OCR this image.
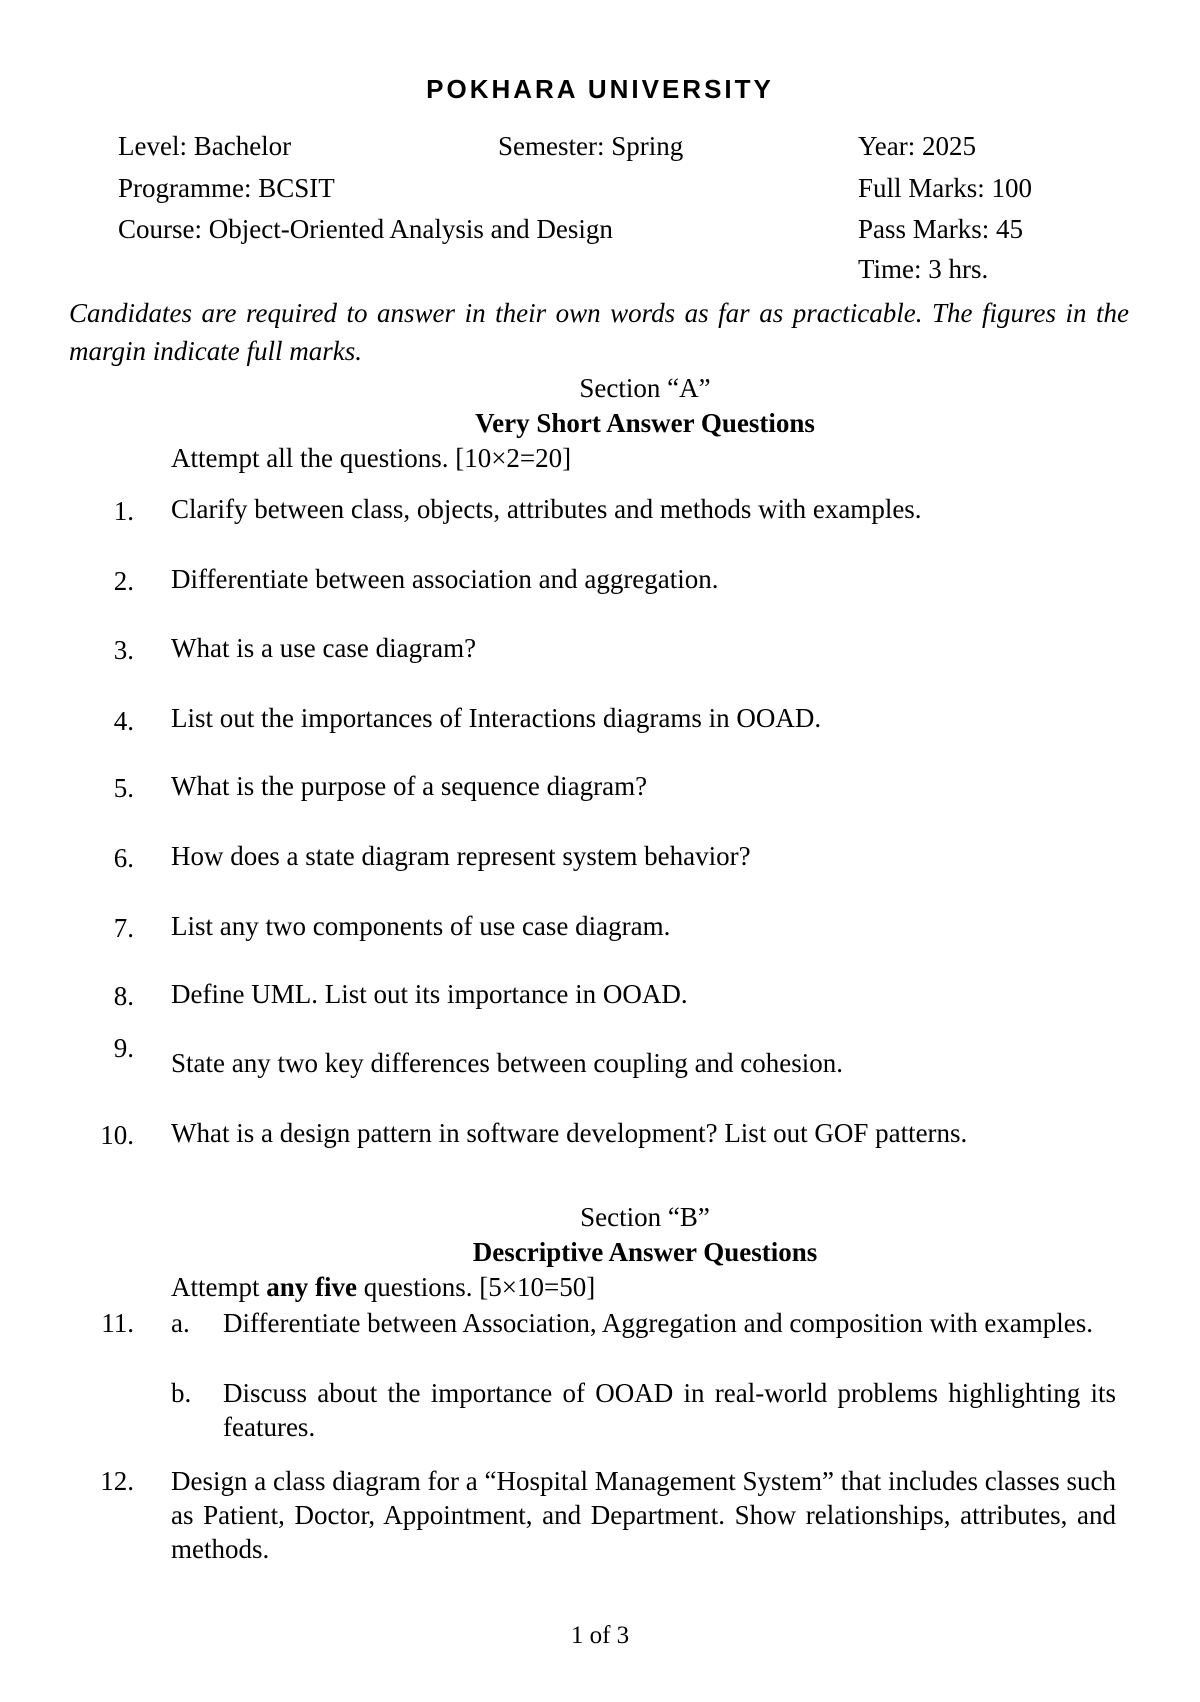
POKHARA UNIVERSITY
Level: Bachelor	Semester: Spring	Year: 2025
Programme: BCSIT	Full Marks: 100
Course: Object-Oriented Analysis and Design	Pass Marks: 45
Time: 3 hrs.
Candidates are required to answer in their own words as far as practicable. The figures in the margin indicate full marks.
Section “A”
Very Short Answer Questions
Attempt all the questions. [10×2=20]
1. Clarify between class, objects, attributes and methods with examples.
2. Differentiate between association and aggregation.
3. What is a use case diagram?
4. List out the importances of Interactions diagrams in OOAD.
5. What is the purpose of a sequence diagram?
6. How does a state diagram represent system behavior?
7. List any two components of use case diagram.
8. Define UML. List out its importance in OOAD.
9. State any two key differences between coupling and cohesion.
10. What is a design pattern in software development? List out GOF patterns.
Section “B”
Descriptive Answer Questions
Attempt any five questions. [5×10=50]
11. a. Differentiate between Association, Aggregation and composition with examples.
b. Discuss about the importance of OOAD in real-world problems highlighting its features.
12. Design a class diagram for a “Hospital Management System” that includes classes such as Patient, Doctor, Appointment, and Department. Show relationships, attributes, and methods.
1 of 3
